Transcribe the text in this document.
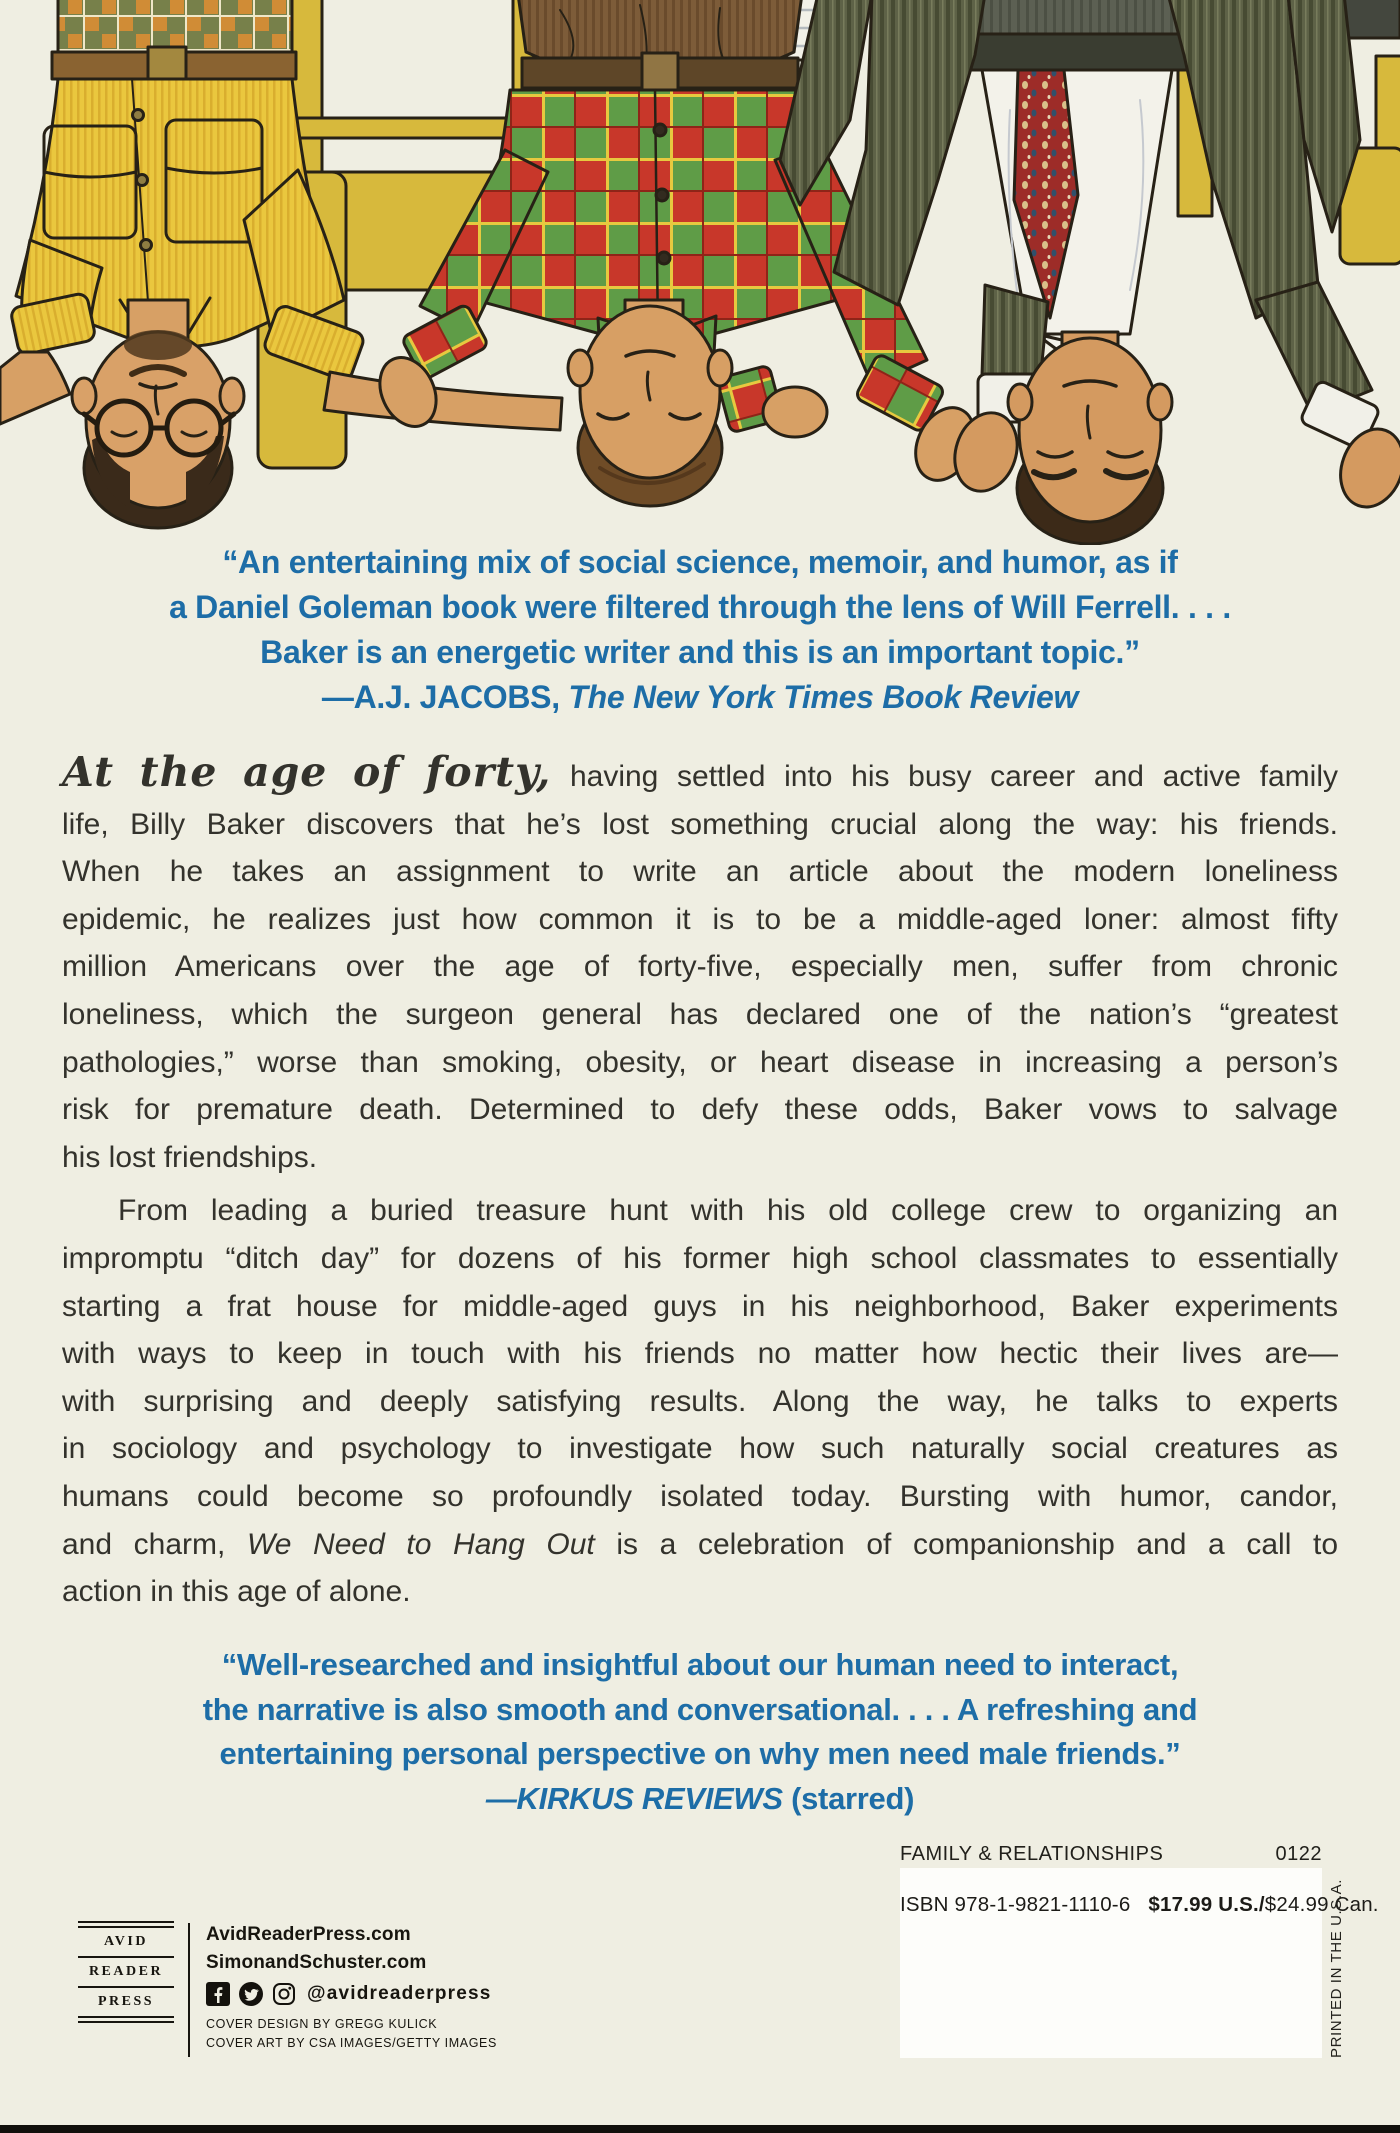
“An entertaining mix of social science, memoir, and humor, as if
a Daniel Goleman book were filtered through the lens of Will Ferrell. . . .
Baker is an energetic writer and this is an important topic.”
—A.J. JACOBS, The New York Times Book Review
At the age of forty, having settled into his busy career and active family
life, Billy Baker discovers that he’s lost something crucial along the way: his friends.
When he takes an assignment to write an article about the modern loneliness
epidemic, he realizes just how common it is to be a middle-aged loner: almost fifty
million Americans over the age of forty-five, especially men, suffer from chronic
loneliness, which the surgeon general has declared one of the nation’s “greatest
pathologies,” worse than smoking, obesity, or heart disease in increasing a person’s
risk for premature death. Determined to defy these odds, Baker vows to salvage
his lost friendships.
From leading a buried treasure hunt with his old college crew to organizing an
impromptu “ditch day” for dozens of his former high school classmates to essentially
starting a frat house for middle-aged guys in his neighborhood, Baker experiments
with ways to keep in touch with his friends no matter how hectic their lives are—
with surprising and deeply satisfying results. Along the way, he talks to experts
in sociology and psychology to investigate how such naturally social creatures as
humans could become so profoundly isolated today. Bursting with humor, candor,
and charm, We Need to Hang Out is a celebration of companionship and a call to
action in this age of alone.
“Well-researched and insightful about our human need to interact,
the narrative is also smooth and conversational. . . . A refreshing and
entertaining personal perspective on why men need male friends.”
—KIRKUS REVIEWS (starred)
FAMILY & RELATIONSHIPS	0122
ISBN 978-1-9821-1110-6 $17.99 U.S./$24.99 Can.
PRINTED IN THE U.S.A.
AVID
READER
PRESS
AvidReaderPress.com
SimonandSchuster.com
@avidreaderpress
COVER DESIGN BY GREGG KULICK
COVER ART BY CSA IMAGES/GETTY IMAGES
